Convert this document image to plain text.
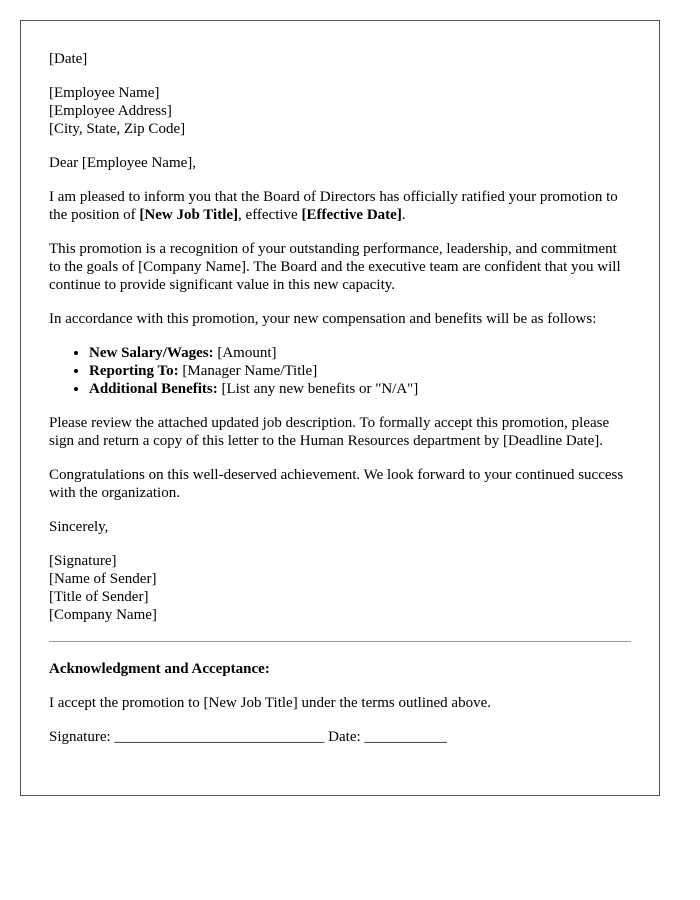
[Date]
[Employee Name]
[Employee Address]
[City, State, Zip Code]

Dear [Employee Name],

I am pleased to inform you that the Board of Directors has officially ratified your promotion to the position of [New Job Title], effective [Effective Date].

This promotion is a recognition of your outstanding performance, leadership, and commitment to the goals of [Company Name]. The Board and the executive team are confident that you will continue to provide significant value in this new capacity.

In accordance with this promotion, your new compensation and benefits will be as follows:

• New Salary/Wages: [Amount]
• Reporting To: [Manager Name/Title]
• Additional Benefits: [List any new benefits or "N/A"]

Please review the attached updated job description. To formally accept this promotion, please sign and return a copy of this letter to the Human Resources department by [Deadline Date].

Congratulations on this well-deserved achievement. We look forward to your continued success with the organization.

Sincerely,

[Signature]
[Name of Sender]
[Title of Sender]
[Company Name]
Acknowledgment and Acceptance:

I accept the promotion to [New Job Title] under the terms outlined above.

Signature: ____________________________ Date: ___________
